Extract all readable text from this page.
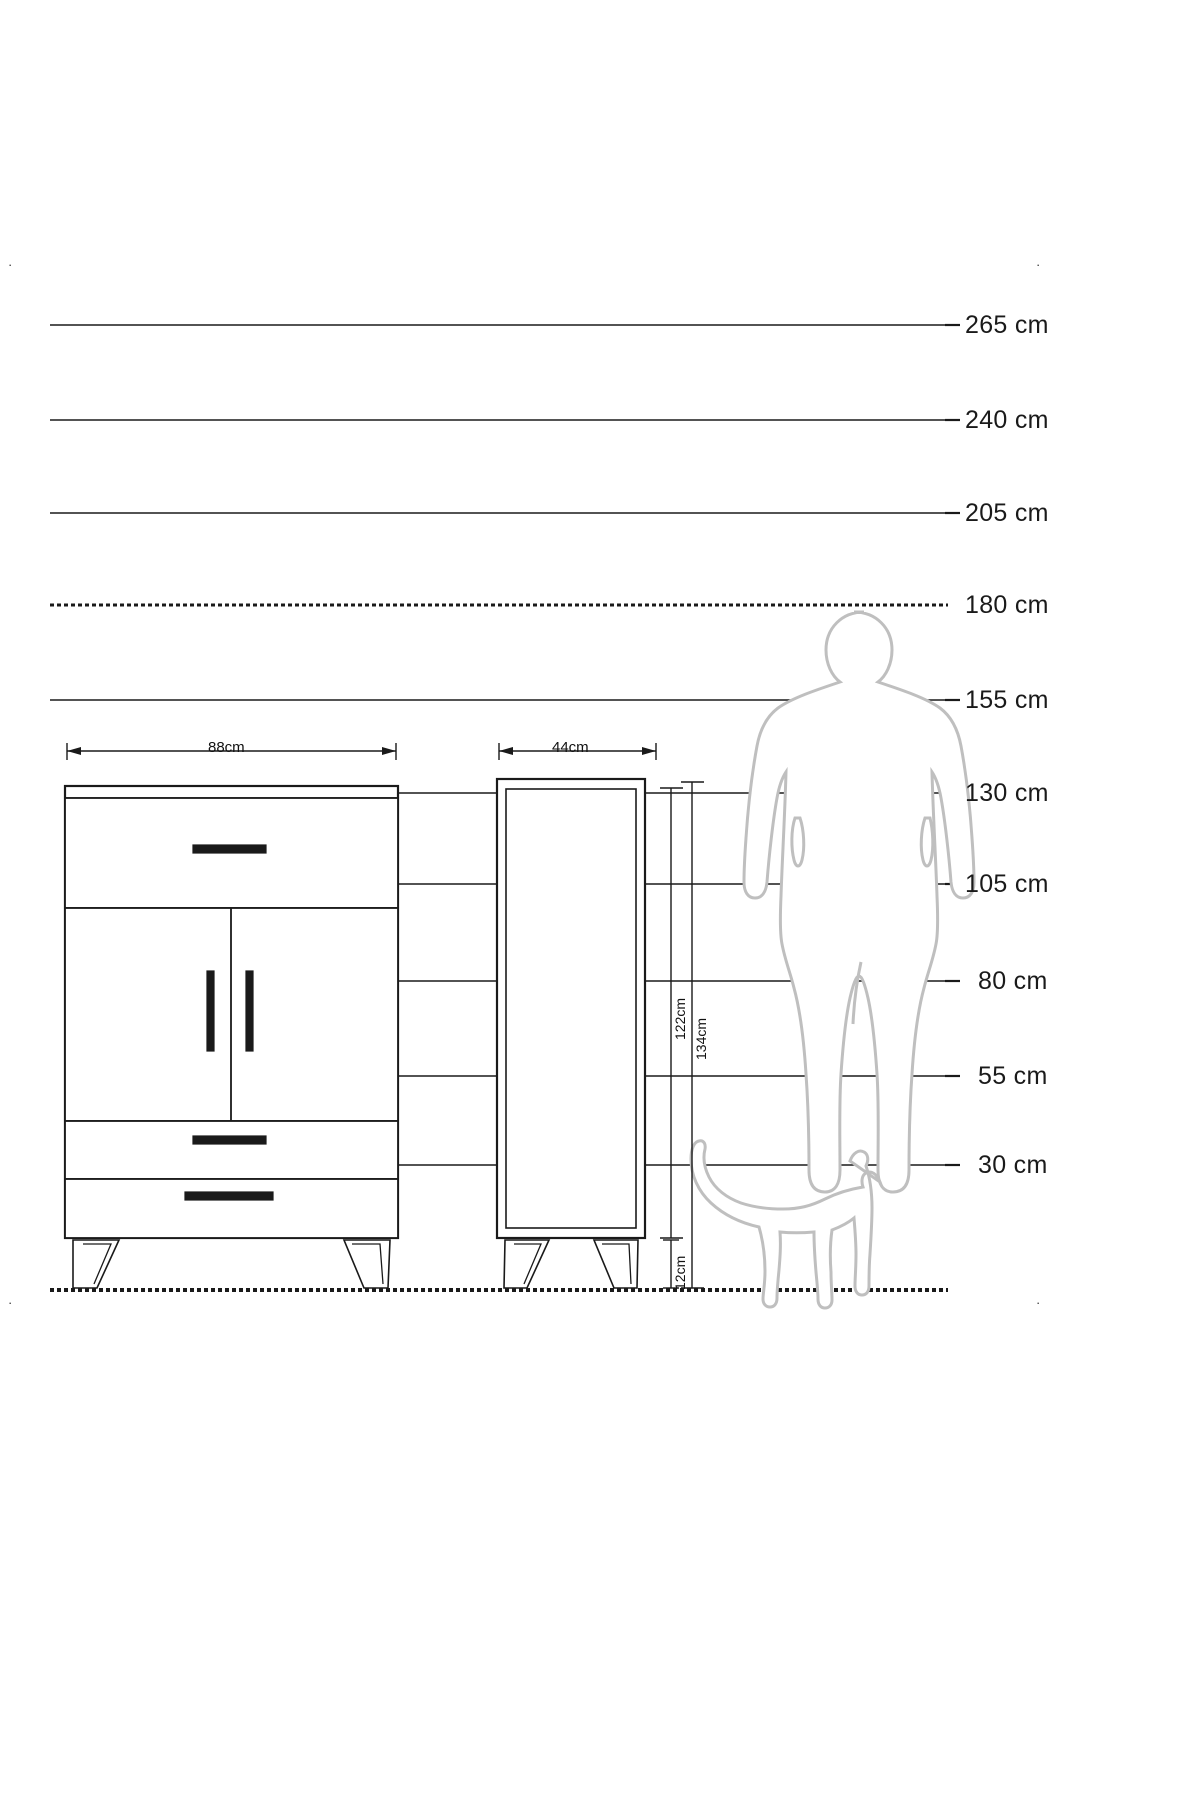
265 cm
240 cm
205 cm
180 cm
155 cm
130 cm
105 cm
80 cm
55 cm
30 cm
88cm	44cm
122cm 134cm
12cm
·	·
·	·
